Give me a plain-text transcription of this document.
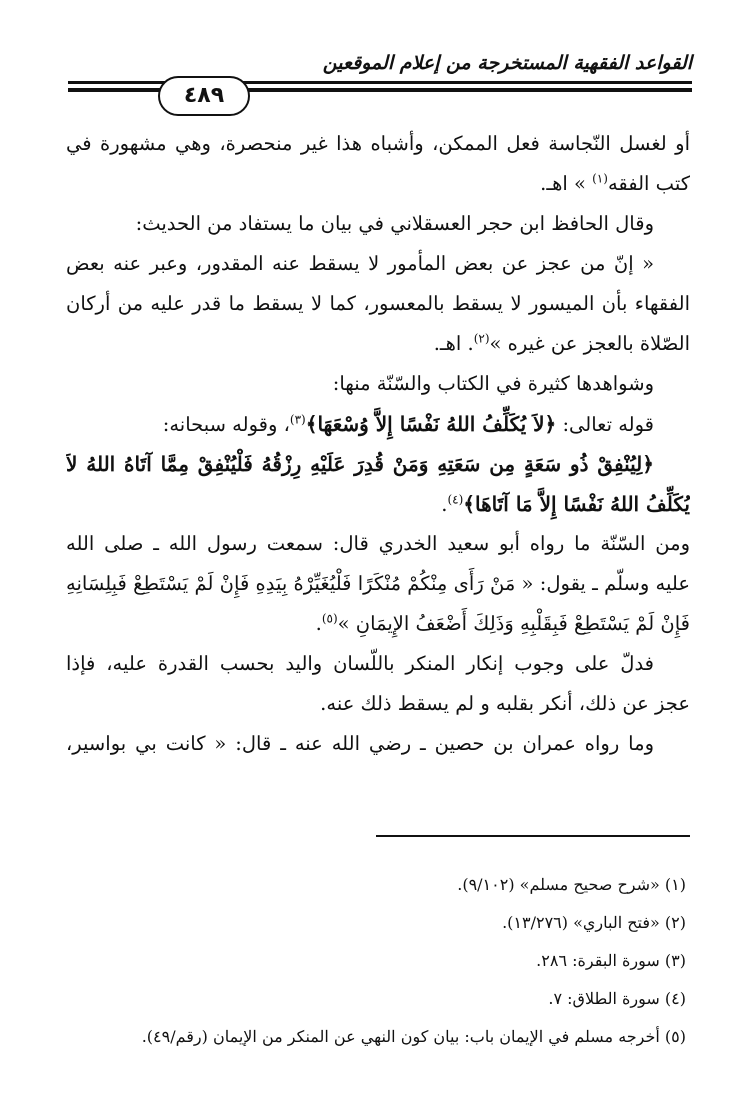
القواعد الفقهية المستخرجة من إعلام الموقعين
٤٨٩
أو لغسل النّجاسة فعل الممكن، وأشباه هذا غير منحصرة، وهي مشهورة في
كتب الفقه$^{(١)}$ » اهـ.
وقال الحافظ ابن حجر العسقلاني في بيان ما يستفاد من الحديث:
« إنّ من عجز عن بعض المأمور لا يسقط عنه المقدور، وعبر عنه بعض
الفقهاء بأن الميسور لا يسقط بالمعسور، كما لا يسقط ما قدر عليه من أركان
الصّلاة بالعجز عن غيره »$^{(٢)}$. اهـ.
وشواهدها كثيرة في الكتاب والسّنّة منها:
قوله تعالى: ﴿لاَ يُكَلِّفُ اللهُ نَفْسًا إِلاَّ وُسْعَهَا﴾$^{(٣)}$، وقوله سبحانه:
﴿لِيُنْفِقْ ذُو سَعَةٍ مِن سَعَتِهِ وَمَنْ قُدِرَ عَلَيْهِ رِزْقُهُ فَلْيُنْفِقْ مِمَّا آتَاهُ اللهُ لاَ
يُكَلِّفُ اللهُ نَفْسًا إِلاَّ مَا آتَاهَا﴾$^{(٤)}$.
ومن السّنّة ما رواه أبو سعيد الخدري قال: سمعت رسول الله ـ صلى الله
عليه وسلّم ـ يقول: « مَنْ رَأَى مِنْكُمْ مُنْكَرًا فَلْيُغَيِّرْهُ بِيَدِهِ فَإِنْ لَمْ يَسْتَطِعْ فَبِلِسَانِهِ
فَإِنْ لَمْ يَسْتَطِعْ فَبِقَلْبِهِ وَذَلِكَ أَضْعَفُ الإِيمَانِ »$^{(٥)}$.
فدلّ على وجوب إنكار المنكر باللّسان واليد بحسب القدرة عليه، فإذا
عجز عن ذلك، أنكر بقلبه و لم يسقط ذلك عنه.
وما رواه عمران بن حصين ـ رضي الله عنه ـ قال: « كانت بي بواسير،
(١) «شرح صحيح مسلم» (٩/١٠٢).
(٢) «فتح الباري» (١٣/٢٧٦).
(٣) سورة البقرة: ٢٨٦.
(٤) سورة الطلاق: ٧.
(٥) أخرجه مسلم في الإيمان باب: بيان كون النهي عن المنكر من الإيمان (رقم/٤٩).
